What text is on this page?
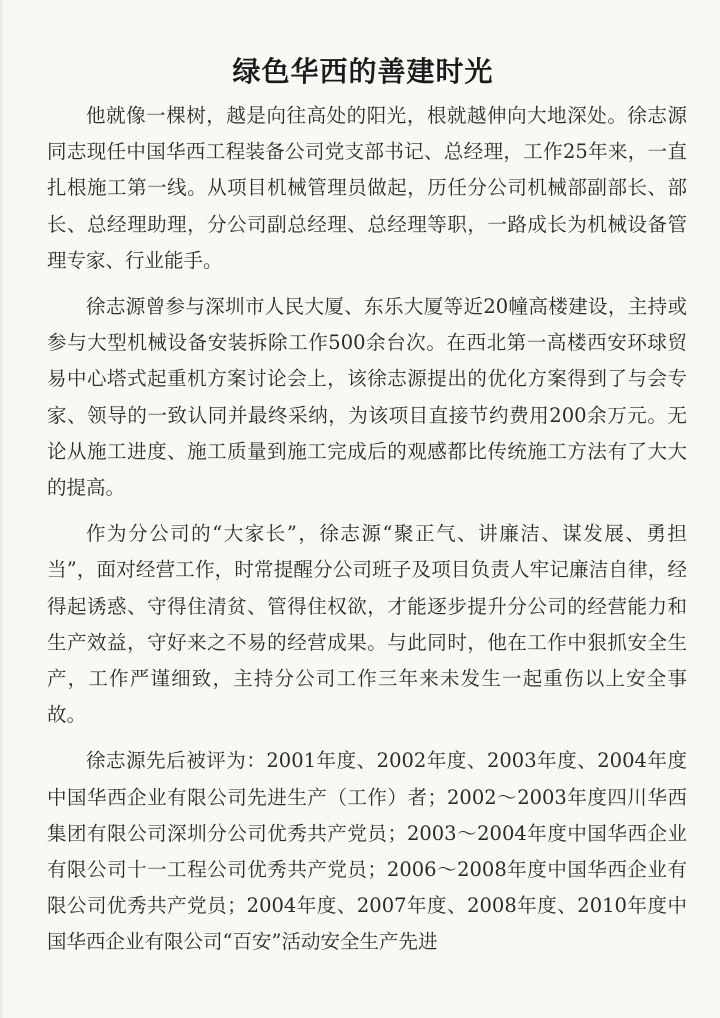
绿色华西的善建时光

他就像一棵树，越是向往高处的阳光，根就越伸向大地深处。徐志源同志现任中国华西工程装备公司党支部书记、总经理，工作25年来，一直扎根施工第一线。从项目机械管理员做起，历任分公司机械部副部长、部长、总经理助理，分公司副总经理、总经理等职，一路成长为机械设备管理专家、行业能手。

徐志源曾参与深圳市人民大厦、东乐大厦等近20幢高楼建设，主持或参与大型机械设备安装拆除工作500余台次。在西北第一高楼西安环球贸易中心塔式起重机方案讨论会上，该徐志源提出的优化方案得到了与会专家、领导的一致认同并最终采纳，为该项目直接节约费用200余万元。无论从施工进度、施工质量到施工完成后的观感都比传统施工方法有了大大的提高。

作为分公司的“大家长”，徐志源“聚正气、讲廉洁、谋发展、勇担当”，面对经营工作，时常提醒分公司班子及项目负责人牢记廉洁自律，经得起诱惑、守得住清贫、管得住权欲，才能逐步提升分公司的经营能力和生产效益，守好来之不易的经营成果。与此同时，他在工作中狠抓安全生产，工作严谨细致，主持分公司工作三年来未发生一起重伤以上安全事故。

徐志源先后被评为：2001年度、2002年度、2003年度、2004年度中国华西企业有限公司先进生产（工作）者；2002～2003年度四川华西集团有限公司深圳分公司优秀共产党员；2003～2004年度中国华西企业有限公司十一工程公司优秀共产党员；2006～2008年度中国华西企业有限公司优秀共产党员；2004年度、2007年度、2008年度、2010年度中国华西企业有限公司“百安”活动安全生产先进
